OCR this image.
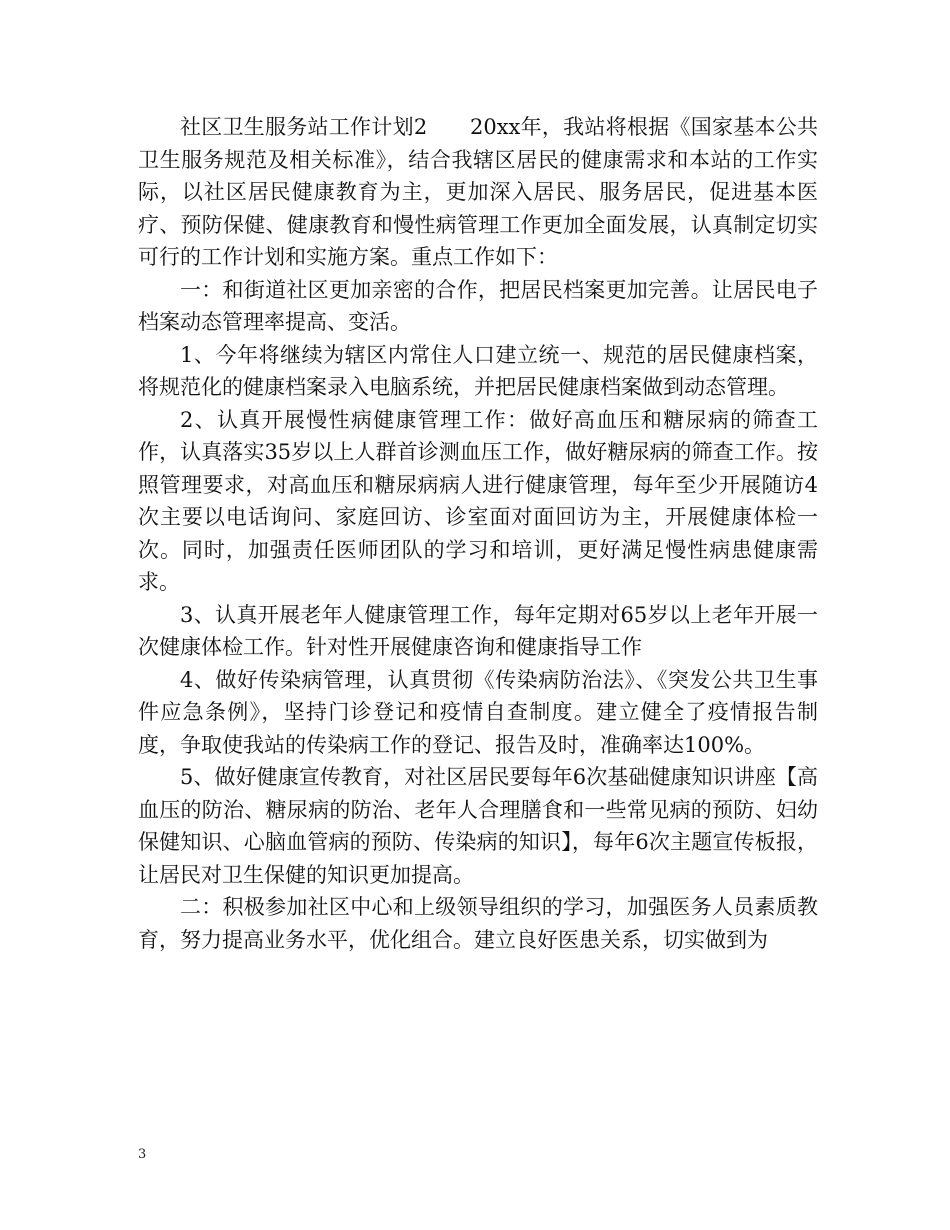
社区卫生服务站工作计划2　　20xx年，我站将根据《国家基本公共卫生服务规范及相关标准》，结合我辖区居民的健康需求和本站的工作实际，以社区居民健康教育为主，更加深入居民、服务居民，促进基本医疗、预防保健、健康教育和慢性病管理工作更加全面发展，认真制定切实可行的工作计划和实施方案。重点工作如下：

一：和街道社区更加亲密的合作，把居民档案更加完善。让居民电子档案动态管理率提高、变活。

1、今年将继续为辖区内常住人口建立统一、规范的居民健康档案，将规范化的健康档案录入电脑系统，并把居民健康档案做到动态管理。

2、认真开展慢性病健康管理工作：做好高血压和糖尿病的筛查工作，认真落实35岁以上人群首诊测血压工作，做好糖尿病的筛查工作。按照管理要求，对高血压和糖尿病病人进行健康管理，每年至少开展随访4次主要以电话询问、家庭回访、诊室面对面回访为主，开展健康体检一次。同时，加强责任医师团队的学习和培训，更好满足慢性病患健康需求。

3、认真开展老年人健康管理工作，每年定期对65岁以上老年开展一次健康体检工作。针对性开展健康咨询和健康指导工作

4、做好传染病管理，认真贯彻《传染病防治法》、《突发公共卫生事件应急条例》，坚持门诊登记和疫情自查制度。建立健全了疫情报告制度，争取使我站的传染病工作的登记、报告及时，准确率达100%。

5、做好健康宣传教育，对社区居民要每年6次基础健康知识讲座【高血压的防治、糖尿病的防治、老年人合理膳食和一些常见病的预防、妇幼保健知识、心脑血管病的预防、传染病的知识】，每年6次主题宣传板报，让居民对卫生保健的知识更加提高。

二：积极参加社区中心和上级领导组织的学习，加强医务人员素质教育，努力提高业务水平，优化组合。建立良好医患关系，切实做到为

3
